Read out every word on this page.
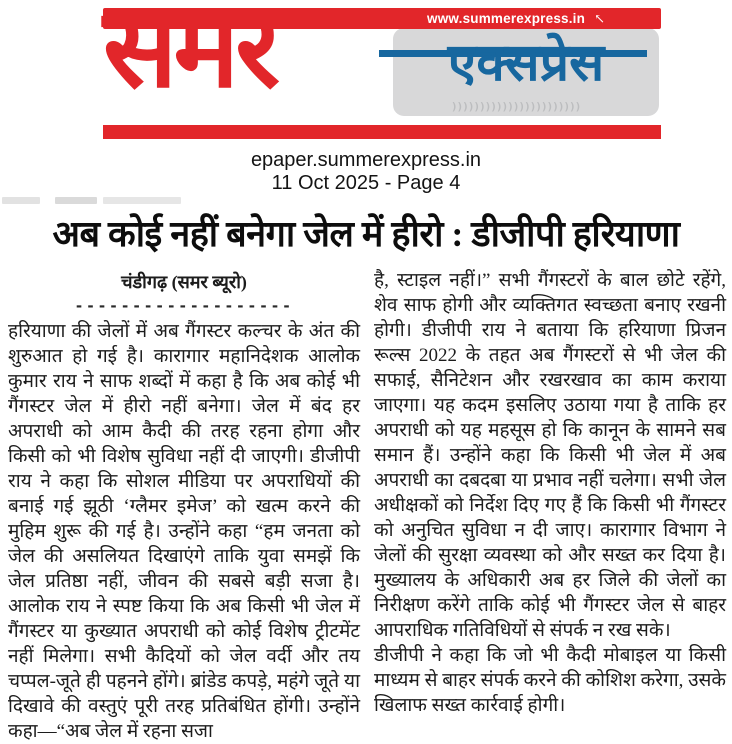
एक्सप्रेस
)))))))))))))))))))))))
www.summerexpress.in ↖
समर
epaper.summerexpress.in
11 Oct 2025 - Page 4
अब कोई नहीं बनेगा जेल में हीरो : डीजीपी हरियाणा
चंडीगढ़ (समर ब्यूरो)
-------------------
हरियाणा की जेलों में अब गैंगस्टर कल्चर के अंत की शुरुआत हो गई है। कारागार महानिदेशक आलोक कुमार राय ने साफ शब्दों में कहा है कि अब कोई भी गैंगस्टर जेल में हीरो नहीं बनेगा। जेल में बंद हर अपराधी को आम कैदी की तरह रहना होगा और किसी को भी विशेष सुविधा नहीं दी जाएगी। डीजीपी राय ने कहा कि सोशल मीडिया पर अपराधियों की बनाई गई झूठी ‘ग्लैमर इमेज’ को खत्म करने की मुहिम शुरू की गई है। उन्होंने कहा “हम जनता को जेल की असलियत दिखाएंगे ताकि युवा समझें कि जेल प्रतिष्ठा नहीं, जीवन की सबसे बड़ी सजा है। आलोक राय ने स्पष्ट किया कि अब किसी भी जेल में गैंगस्टर या कुख्यात अपराधी को कोई विशेष ट्रीटमेंट नहीं मिलेगा। सभी कैदियों को जेल वर्दी और तय चप्पल-जूते ही पहनने होंगे। ब्रांडेड कपड़े, महंगे जूते या दिखावे की वस्तुएं पूरी तरह प्रतिबंधित होंगी। उन्होंने कहा—“अब जेल में रहना सजा

है, स्टाइल नहीं।” सभी गैंगस्टरों के बाल छोटे रहेंगे, शेव साफ होगी और व्यक्तिगत स्वच्छता बनाए रखनी होगी। डीजीपी राय ने बताया कि हरियाणा प्रिजन रूल्स 2022 के तहत अब गैंगस्टरों से भी जेल की सफाई, सैनिटेशन और रखरखाव का काम कराया जाएगा। यह कदम इसलिए उठाया गया है ताकि हर अपराधी को यह महसूस हो कि कानून के सामने सब समान हैं। उन्होंने कहा कि किसी भी जेल में अब अपराधी का दबदबा या प्रभाव नहीं चलेगा। सभी जेल अधीक्षकों को निर्देश दिए गए हैं कि किसी भी गैंगस्टर को अनुचित सुविधा न दी जाए। कारागार विभाग ने जेलों की सुरक्षा व्यवस्था को और सख्त कर दिया है। मुख्यालय के अधिकारी अब हर जिले की जेलों का निरीक्षण करेंगे ताकि कोई भी गैंगस्टर जेल से बाहर आपराधिक गतिविधियों से संपर्क न रख सके।

डीजीपी ने कहा कि जो भी कैदी मोबाइल या किसी माध्यम से बाहर संपर्क करने की कोशिश करेगा, उसके खिलाफ सख्त कार्रवाई होगी।
